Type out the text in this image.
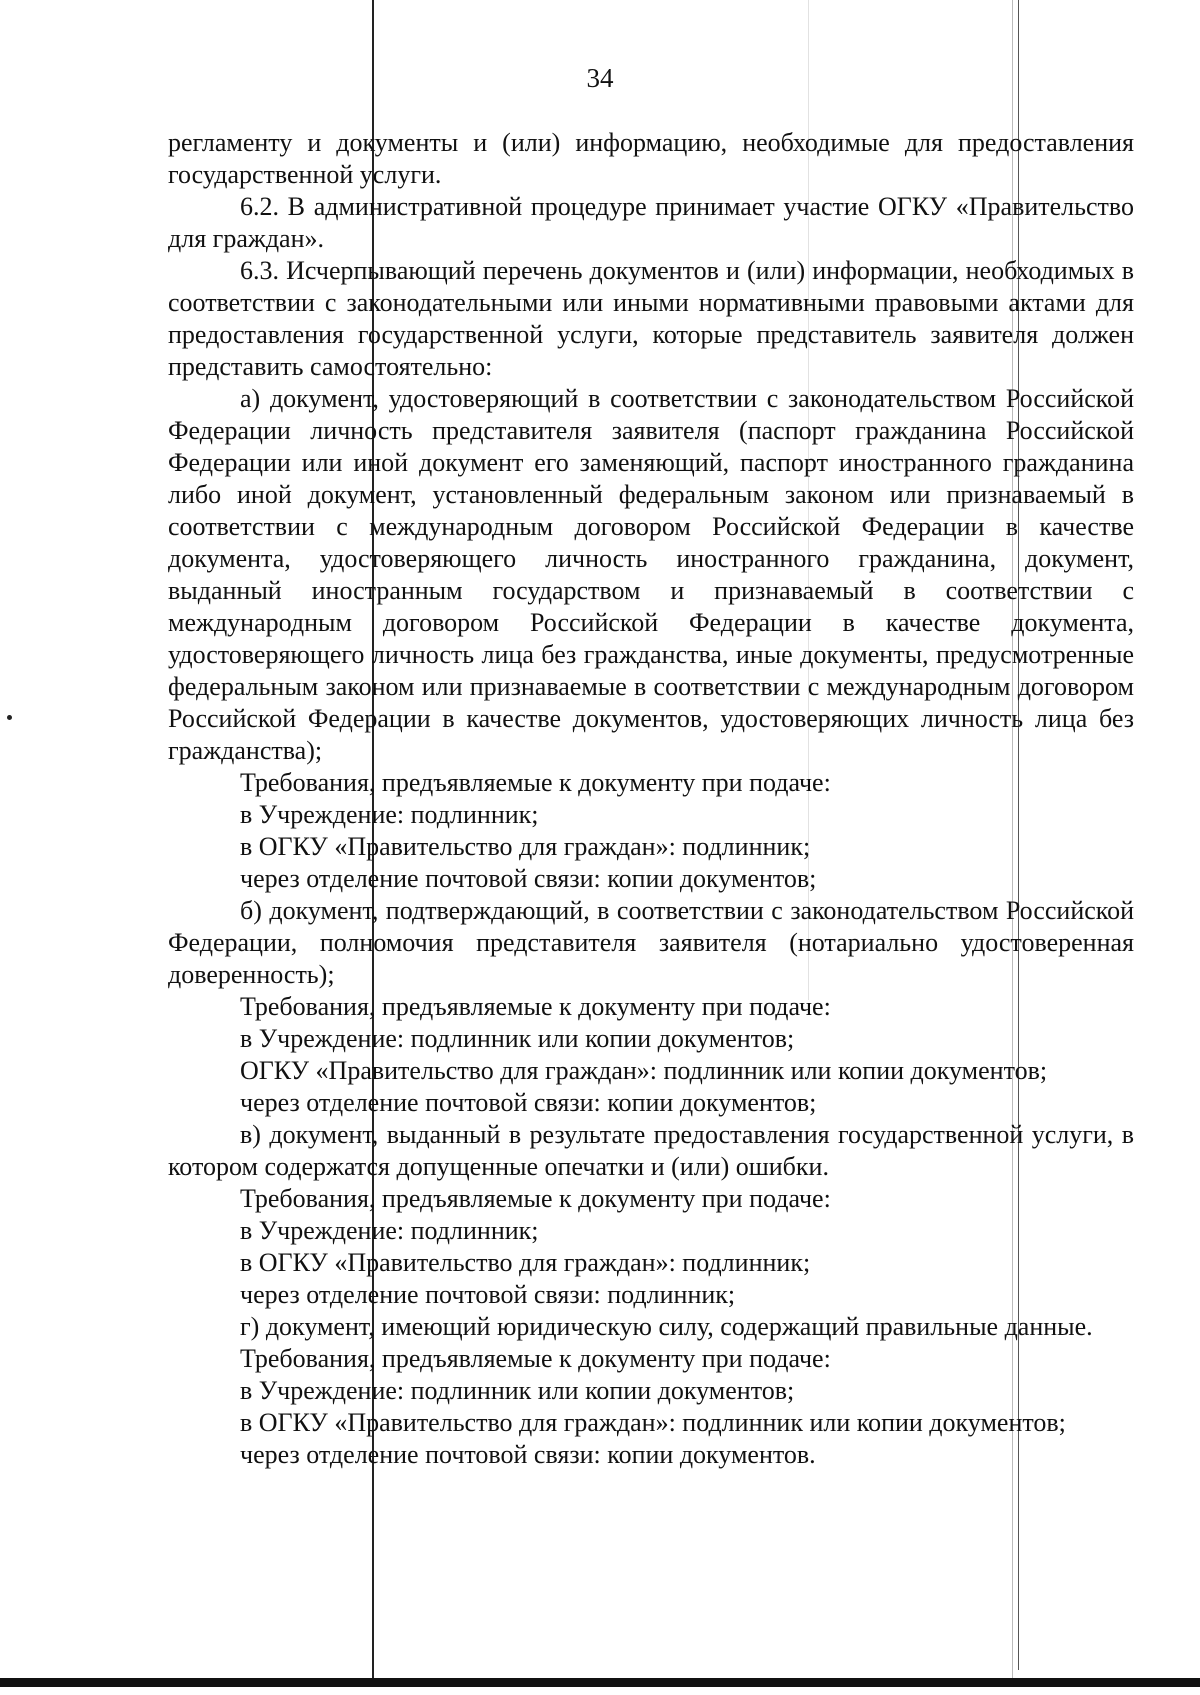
34

регламенту и документы и (или) информацию, необходимые для предоставления государственной услуги.

6.2. В административной процедуре принимает участие ОГКУ «Правительство для граждан».

6.3. Исчерпывающий перечень документов и (или) информации, необходимых в соответствии с законодательными или иными нормативными правовыми актами для предоставления государственной услуги, которые представитель заявителя должен представить самостоятельно:

а) документ, удостоверяющий в соответствии с законодательством Российской Федерации личность представителя заявителя (паспорт гражданина Российской Федерации или иной документ его заменяющий, паспорт иностранного гражданина либо иной документ, установленный федеральным законом или признаваемый в соответствии с международным договором Российской Федерации в качестве документа, удостоверяющего личность иностранного гражданина, документ, выданный иностранным государством и признаваемый в соответствии с международным договором Российской Федерации в качестве документа, удостоверяющего личность лица без гражданства, иные документы, предусмотренные федеральным законом или признаваемые в соответствии с международным договором Российской Федерации в качестве документов, удостоверяющих личность лица без гражданства);

Требования, предъявляемые к документу при подаче:

в Учреждение: подлинник;

в ОГКУ «Правительство для граждан»: подлинник;

через отделение почтовой связи: копии документов;

б) документ, подтверждающий, в соответствии с законодательством Российской Федерации, полномочия представителя заявителя (нотариально удостоверенная доверенность);

Требования, предъявляемые к документу при подаче:

в Учреждение: подлинник или копии документов;

ОГКУ «Правительство для граждан»: подлинник или копии документов;

через отделение почтовой связи: копии документов;

в) документ, выданный в результате предоставления государственной услуги, в котором содержатся допущенные опечатки и (или) ошибки.

Требования, предъявляемые к документу при подаче:

в Учреждение: подлинник;

в ОГКУ «Правительство для граждан»: подлинник;

через отделение почтовой связи: подлинник;

г) документ, имеющий юридическую силу, содержащий правильные данные.

Требования, предъявляемые к документу при подаче:

в Учреждение: подлинник или копии документов;

в ОГКУ «Правительство для граждан»: подлинник или копии документов;

через отделение почтовой связи: копии документов.
